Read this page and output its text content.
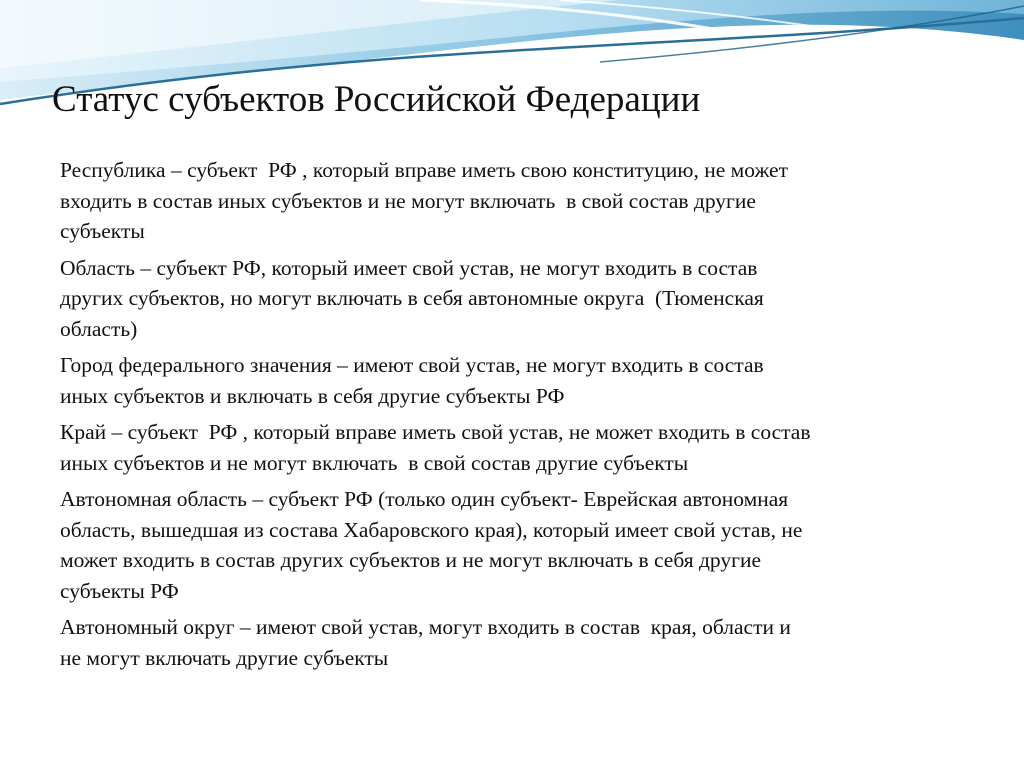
Статус субъектов Российской Федерации

Республика – субъект  РФ , который вправе иметь свою конституцию, не может
входить в состав иных субъектов и не могут включать  в свой состав другие
субъекты

Область – субъект РФ, который имеет свой устав, не могут входить в состав
других субъектов, но могут включать в себя автономные округа  (Тюменская
область)

Город федерального значения – имеют свой устав, не могут входить в состав
иных субъектов и включать в себя другие субъекты РФ

Край – субъект  РФ , который вправе иметь свой устав, не может входить в состав
иных субъектов и не могут включать  в свой состав другие субъекты

Автономная область – субъект РФ (только один субъект- Еврейская автономная
область, вышедшая из состава Хабаровского края), который имеет свой устав, не
может входить в состав других субъектов и не могут включать в себя другие
субъекты РФ

Автономный округ – имеют свой устав, могут входить в состав  края, области и
не могут включать другие субъекты
